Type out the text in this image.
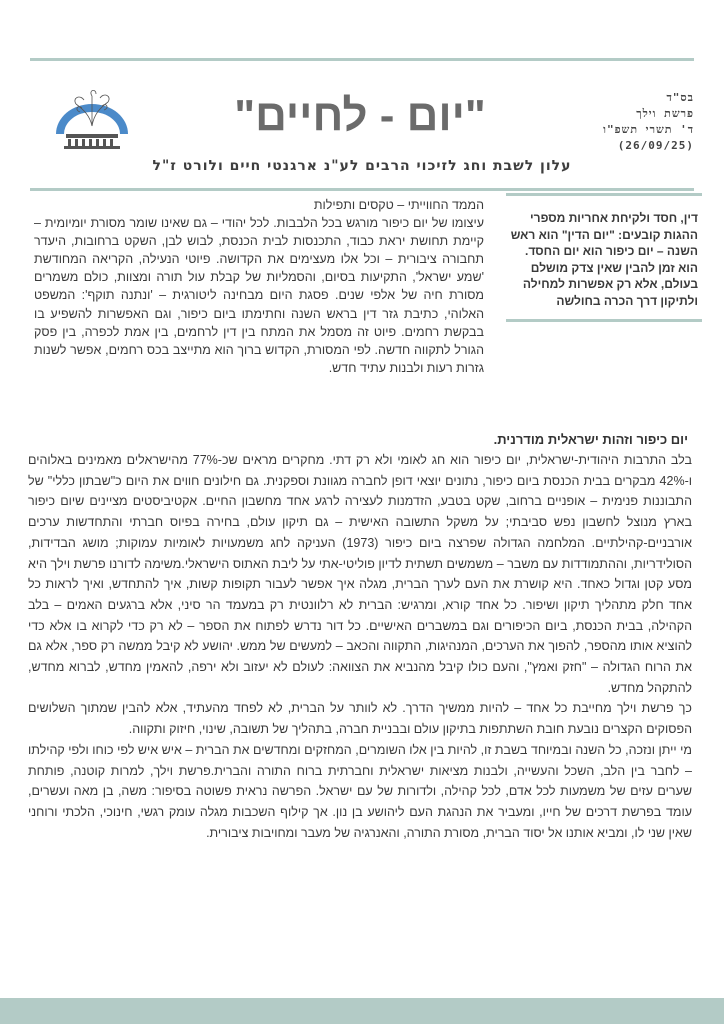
בס"ד
פרשת וילך
ד' תשרי תשפ"ו
(26/09/25)
"יום - לחיים"
עלון לשבת וחג לזיכוי הרבים לע"נ ארגנטי חיים ולורט ז"ל

הממד החווייתי – טקסים ותפילות

עיצומו של יום כיפור מורגש בכל הלבבות. לכל יהודי – גם שאינו שומר מסורת יומיומית – קיימת תחושת יראת כבוד, התכנסות לבית הכנסת, לבוש לבן, השקט ברחובות, היעדר תחבורה ציבורית – וכל אלו מעצימים את הקדושה. פיוטי הנעילה, הקריאה המחודשת 'שמע ישראל', התקיעות בסיום, והסמליות של קבלת עול תורה ומצוות, כולם משמרים מסורת חיה של אלפי שנים. פסגת היום מבחינה ליטורגית – 'ונתנה תוקף': המשפט האלוהי, כתיבת גזר דין בראש השנה וחתימתו ביום כיפור, וגם האפשרות להשפיע בו בבקשת רחמים. פיוט זה מסמל את המתח בין דין לרחמים, בין אמת לכפרה, בין פסק הגורל לתקווה חדשה. לפי המסורת, הקדוש ברוך הוא מתייצב בכס רחמים, אפשר לשנות גזרות רעות ולבנות עתיד חדש.

דין, חסד ולקיחת אחריות מספרי ההגות קובעים: "יום הדין" הוא ראש השנה – יום כיפור הוא יום החסד. הוא זמן להבין שאין צדק מושלם בעולם, אלא רק אפשרות למחילה ולתיקון דרך הכרה בחולשה
יום כיפור וזהות ישראלית מודרנית.

בלב התרבות היהודית-ישראלית, יום כיפור הוא חג לאומי ולא רק דתי. מחקרים מראים שכ-77% מהישראלים מאמינים באלוהים ו-42% מבקרים בבית הכנסת ביום כיפור, נתונים יוצאי דופן לחברה מגוונת וספקנית. גם חילונים חווים את היום כ"שבתון כללי" של התבוננות פנימית – אופניים ברחוב, שקט בטבע, הזדמנות לעצירה לרגע אחד מחשבון החיים. אקטיביסטים מציינים שיום כיפור בארץ מנוצל לחשבון נפש סביבתי; על משקל התשובה האישית – גם תיקון עולם, בחירה בפיוס חברתי והתחדשות ערכים אורבניים-קהילתיים. המלחמה הגדולה שפרצה ביום כיפור (1973) העניקה לחג משמעויות לאומיות עמוקות; מושג הבדידות, הסולידריות, וההתמודדות עם משבר – משמשים תשתית לדיון פוליטי-אתי על ליבת האתוס הישראלי.משימה לדורנו פרשת וילך היא מסע קטן וגדול כאחד. היא קושרת את העם לערך הברית, מגלה איך אפשר לעבור תקופות קשות, איך להתחדש, ואיך לראות כל אחד חלק מתהליך תיקון ושיפור. כל אחד קורא, ומרגיש: הברית לא רלוונטית רק במעמד הר סיני, אלא ברגעים האמים – בלב הקהילה, בבית הכנסת, ביום הכיפורים וגם במשברים האישיים. כל דור נדרש לפתוח את הספר – לא רק כדי לקרוא בו אלא כדי להוציא אותו מהספר, להפוך את הערכים, המנהיגות, התקווה והכאב – למעשים של ממש. יהושע לא קיבל ממשה רק ספר, אלא גם את הרוח הגדולה – "חזק ואמץ", והעם כולו קיבל מהנביא את הצוואה: לעולם לא יעזוב ולא ירפה, להאמין מחדש, לברוא מחדש, להתקהל מחדש.

כך פרשת וילך מחייבת כל אחד – להיות ממשיך הדרך. לא לוותר על הברית, לא לפחד מהעתיד, אלא להבין שמתוך השלושים הפסוקים הקצרים נובעת חובת השתתפות בתיקון עולם ובבניית חברה, בתהליך של תשובה, שינוי, חיזוק ותקווה.

מי ייתן ונזכה, כל השנה ובמיוחד בשבת זו, להיות בין אלו השומרים, המחזקים ומחדשים את הברית – איש איש לפי כוחו ולפי קהילתו – לחבר בין הלב, השכל והעשייה, ולבנות מציאות ישראלית וחברתית ברוח התורה והברית.פרשת וילך, למרות קוטנה, פותחת שערים עזים של משמעות לכל אדם, לכל קהילה, ולדורות של עם ישראל. הפרשה נראית פשוטה בסיפור: משה, בן מאה ועשרים, עומד בפרשת דרכים של חייו, ומעביר את הנהגת העם ליהושע בן נון. אך קילוף השכבות מגלה עומק רגשי, חינוכי, הלכתי ורוחני שאין שני לו, ומביא אותנו אל יסוד הברית, מסורת התורה, והאנרגיה של מעבר ומחויבות ציבורית.
